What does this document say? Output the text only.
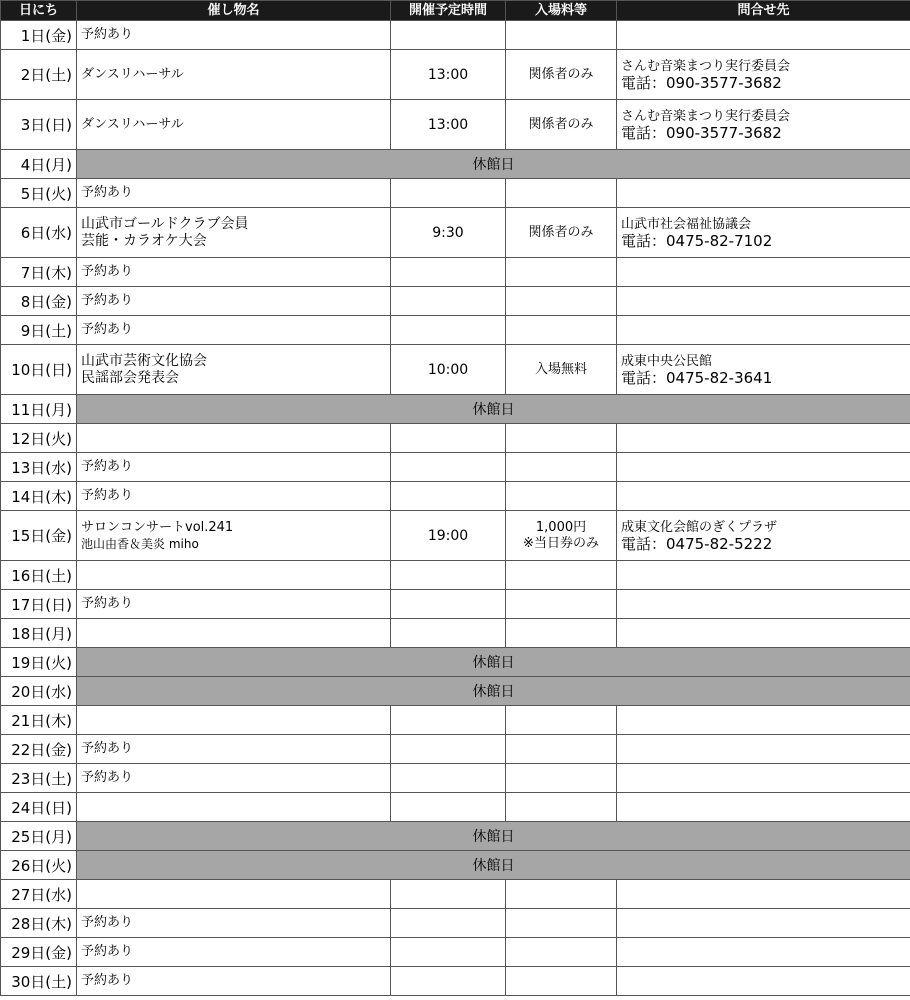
日にち	催し物名	開催予定時間	入場料等	問合せ先
1日(金)	予約あり			

2日(土)	ダンスリハーサル	13:00	関係者のみ	さんむ音楽まつり実行委員会
電話：090-3577-3682

3日(日)	ダンスリハーサル	13:00	関係者のみ	さんむ音楽まつり実行委員会
電話：090-3577-3682

4日(月)	休館日			
5日(火)	予約あり			

6日(水)	山武市ゴールドクラブ会員
芸能・カラオケ大会	9:30	関係者のみ	山武市社会福祉協議会
電話：0475-82-7102

7日(木)	予約あり			

8日(金)	予約あり			

9日(土)	予約あり			

10日(日)	山武市芸術文化協会
民謡部会発表会	10:00	入場無料	成東中央公民館
電話：0475-82-3641

11日(月)	休館日			
12日(火)				
13日(水)	予約あり			

14日(木)	予約あり			

15日(金)	サロンコンサートvol.241
池山由香＆美炎 miho	19:00	1,000円
※当日券のみ	成東文化会館のぎくプラザ
電話：0475-82-5222

16日(土)				
17日(日)	予約あり			

18日(月)				
19日(火)	休館日			
20日(水)	休館日			
21日(木)				
22日(金)	予約あり			

23日(土)	予約あり			

24日(日)				
25日(月)	休館日			
26日(火)	休館日			
27日(水)				
28日(木)	予約あり			

29日(金)	予約あり			

30日(土)	予約あり			
